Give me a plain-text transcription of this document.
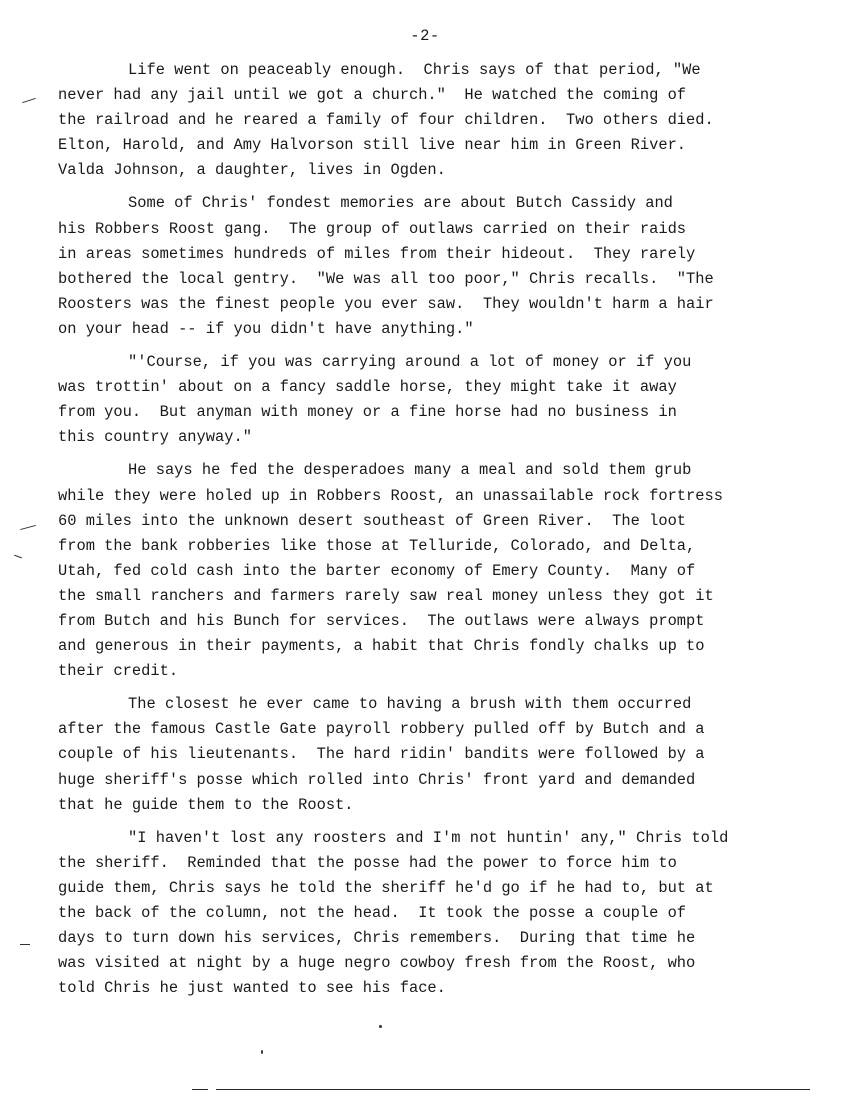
-2-
Life went on peaceably enough.  Chris says of that period, "We
never had any jail until we got a church."  He watched the coming of
the railroad and he reared a family of four children.  Two others died.
Elton, Harold, and Amy Halvorson still live near him in Green River.
Valda Johnson, a daughter, lives in Ogden.
Some of Chris' fondest memories are about Butch Cassidy and
his Robbers Roost gang.  The group of outlaws carried on their raids
in areas sometimes hundreds of miles from their hideout.  They rarely
bothered the local gentry.  "We was all too poor," Chris recalls.  "The
Roosters was the finest people you ever saw.  They wouldn't harm a hair
on your head -- if you didn't have anything."
"'Course, if you was carrying around a lot of money or if you
was trottin' about on a fancy saddle horse, they might take it away
from you.  But anyman with money or a fine horse had no business in
this country anyway."
He says he fed the desperadoes many a meal and sold them grub
while they were holed up in Robbers Roost, an unassailable rock fortress
60 miles into the unknown desert southeast of Green River.  The loot
from the bank robberies like those at Telluride, Colorado, and Delta,
Utah, fed cold cash into the barter economy of Emery County.  Many of
the small ranchers and farmers rarely saw real money unless they got it
from Butch and his Bunch for services.  The outlaws were always prompt
and generous in their payments, a habit that Chris fondly chalks up to
their credit.
The closest he ever came to having a brush with them occurred
after the famous Castle Gate payroll robbery pulled off by Butch and a
couple of his lieutenants.  The hard ridin' bandits were followed by a
huge sheriff's posse which rolled into Chris' front yard and demanded
that he guide them to the Roost.
"I haven't lost any roosters and I'm not huntin' any," Chris told
the sheriff.  Reminded that the posse had the power to force him to
guide them, Chris says he told the sheriff he'd go if he had to, but at
the back of the column, not the head.  It took the posse a couple of
days to turn down his services, Chris remembers.  During that time he
was visited at night by a huge negro cowboy fresh from the Roost, who
told Chris he just wanted to see his face.
